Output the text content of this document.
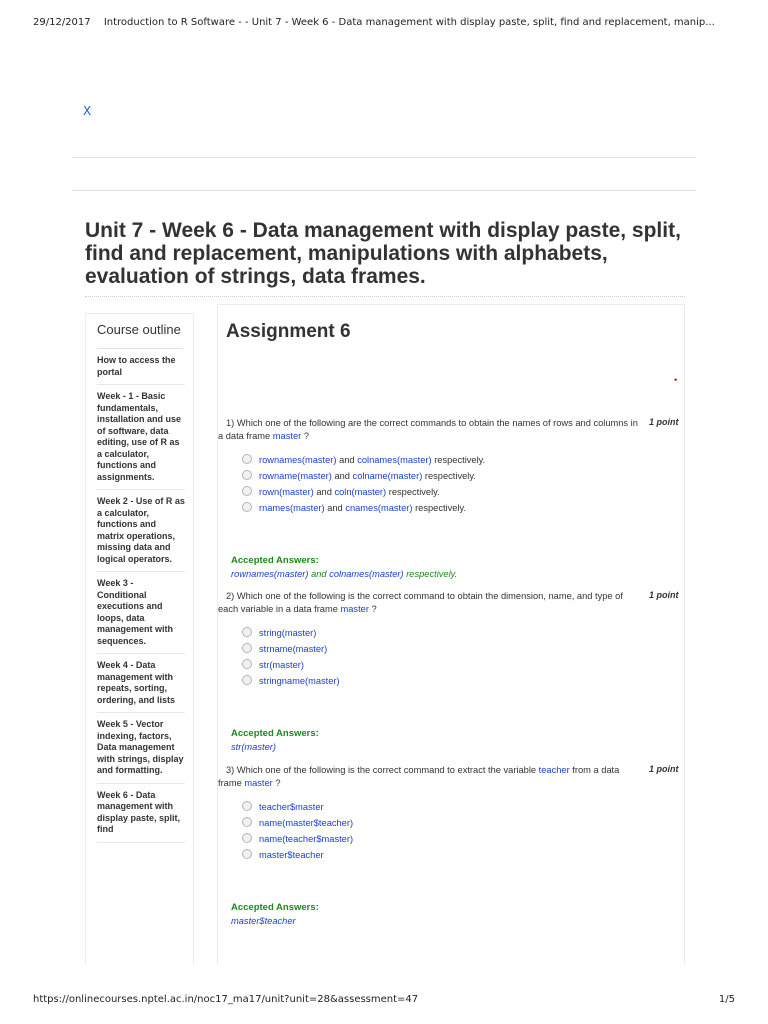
29/12/2017 Introduction to R Software - - Unit 7 - Week 6 - Data management with display paste, split, find and replacement, manip...
X
Unit 7 - Week 6 - Data management with display paste, split, find and replacement, manipulations with alphabets, evaluation of strings, data frames.
Course outline
How to access the portal
Week - 1 - Basic fundamentals, installation and use of software, data editing, use of R as a calculator, functions and assignments.
Week 2 - Use of R as a calculator, functions and matrix operations, missing data and logical operators.
Week 3 - Conditional executions and loops, data management with sequences.
Week 4 - Data management with repeats, sorting, ordering, and lists
Week 5 - Vector indexing, factors, Data management with strings, display and formatting.
Week 6 - Data management with display paste, split, find
Assignment 6
•
1) Which one of the following are the correct commands to obtain the names of rows and columns in a data frame master ?
1 point
rownames(master) and colnames(master) respectively.
rowname(master) and colname(master) respectively.
rown(master) and coln(master) respectively.
rnames(master) and cnames(master) respectively.
Accepted Answers:
rownames(master) and colnames(master) respectively.
2) Which one of the following is the correct command to obtain the dimension, name, and type of each variable in a data frame master ?
1 point
string(master)
strname(master)
str(master)
stringname(master)
Accepted Answers:
str(master)
3) Which one of the following is the correct command to extract the variable teacher from a data frame master ?
1 point
teacher$master
name(master$teacher)
name(teacher$master)
master$teacher
Accepted Answers:
master$teacher
https://onlinecourses.nptel.ac.in/noc17_ma17/unit?unit=28&assessment=47	1/5
